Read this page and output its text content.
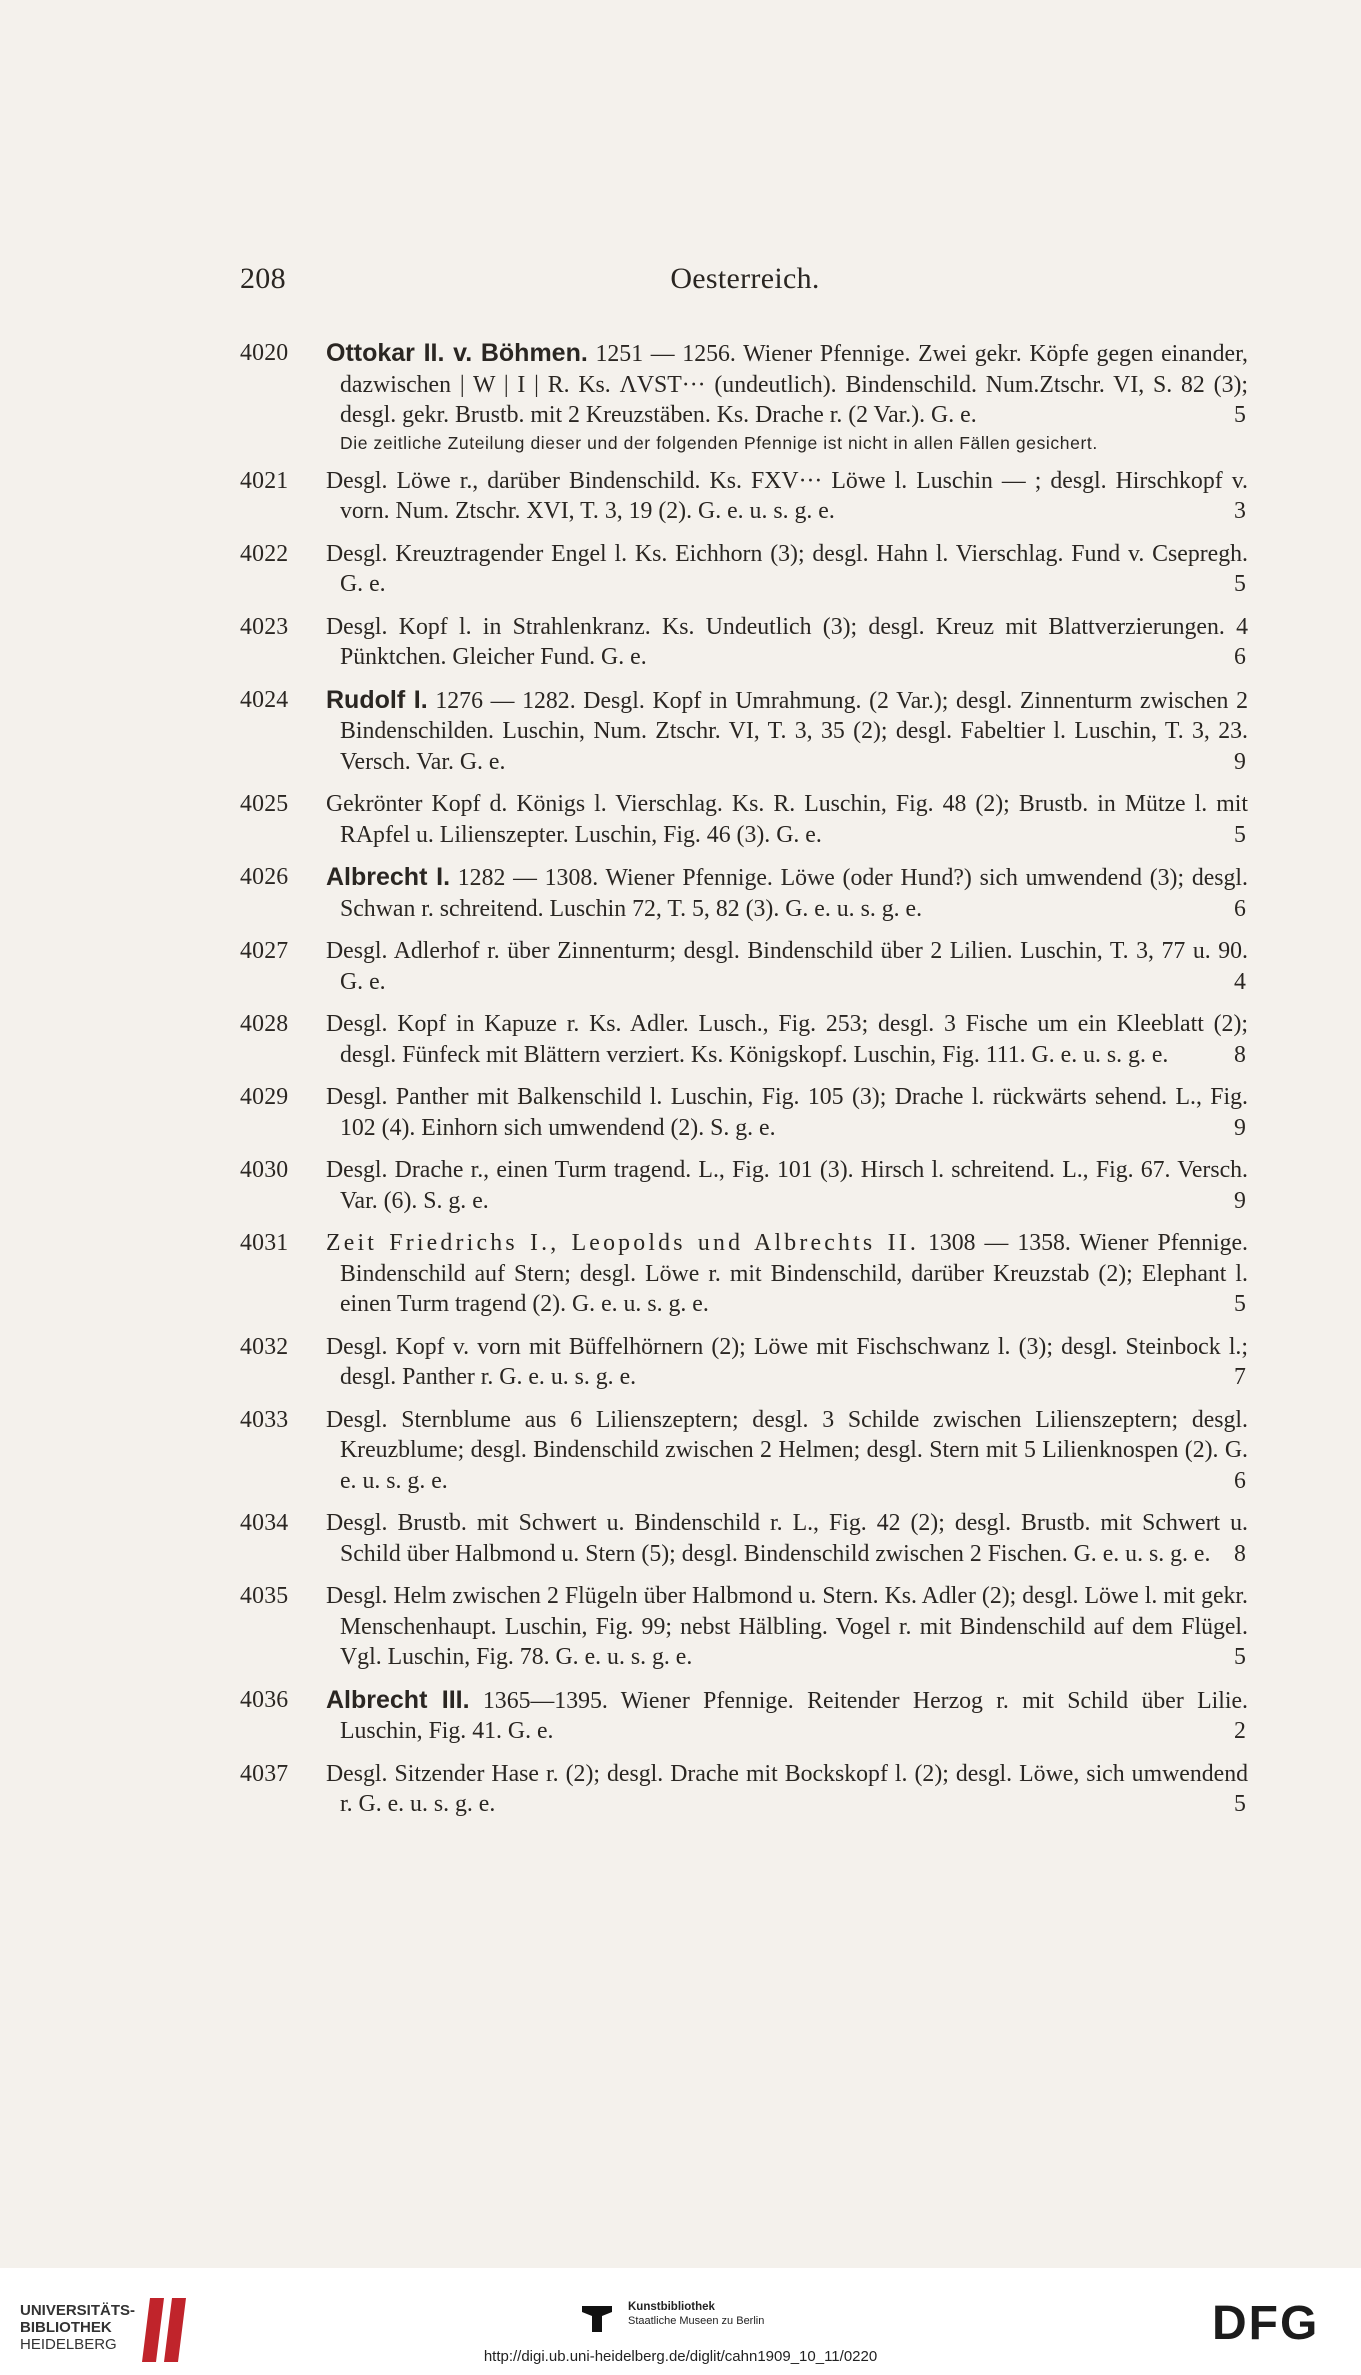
208	Oesterreich.
4020 Ottokar II. v. Böhmen. 1251 — 1256. Wiener Pfennige. Zwei gekr. Köpfe gegen einander, dazwischen | W | I | R. Ks. ΛVST··· (undeutlich). Bindenschild. Num.Ztschr. VI, S. 82 (3); desgl. gekr. Brustb. mit 2 Kreuzstäben. Ks. Drache r. (2 Var.). G. e.	5
Die zeitliche Zuteilung dieser und der folgenden Pfennige ist nicht in allen Fällen gesichert.
4021 Desgl. Löwe r., darüber Bindenschild. Ks. FXV··· Löwe l. Luschin — ; desgl. Hirschkopf v. vorn. Num. Ztschr. XVI, T. 3, 19 (2). G. e. u. s. g. e.	3
4022 Desgl. Kreuztragender Engel l. Ks. Eichhorn (3); desgl. Hahn l. Vierschlag. Fund v. Csepregh. G. e.	5
4023 Desgl. Kopf l. in Strahlenkranz. Ks. Undeutlich (3); desgl. Kreuz mit Blattverzierungen. 4 Pünktchen. Gleicher Fund. G. e.	6
4024 Rudolf I. 1276 — 1282. Desgl. Kopf in Umrahmung. (2 Var.); desgl. Zinnenturm zwischen 2 Bindenschilden. Luschin, Num. Ztschr. VI, T. 3, 35 (2); desgl. Fabeltier l. Luschin, T. 3, 23. Versch. Var. G. e.	9
4025 Gekrönter Kopf d. Königs l. Vierschlag. Ks. R. Luschin, Fig. 48 (2); Brustb. in Mütze l. mit RApfel u. Lilienszepter. Luschin, Fig. 46 (3). G. e.	5
4026 Albrecht I. 1282 — 1308. Wiener Pfennige. Löwe (oder Hund?) sich umwendend (3); desgl. Schwan r. schreitend. Luschin 72, T. 5, 82 (3). G. e. u. s. g. e.	6
4027 Desgl. Adlerhof r. über Zinnenturm; desgl. Bindenschild über 2 Lilien. Luschin, T. 3, 77 u. 90. G. e.	4
4028 Desgl. Kopf in Kapuze r. Ks. Adler. Lusch., Fig. 253; desgl. 3 Fische um ein Kleeblatt (2); desgl. Fünfeck mit Blättern verziert. Ks. Königskopf. Luschin, Fig. 111. G. e. u. s. g. e.	8
4029 Desgl. Panther mit Balkenschild l. Luschin, Fig. 105 (3); Drache l. rückwärts sehend. L., Fig. 102 (4). Einhorn sich umwendend (2). S. g. e.	9
4030 Desgl. Drache r., einen Turm tragend. L., Fig. 101 (3). Hirsch l. schreitend. L., Fig. 67. Versch. Var. (6). S. g. e.	9
4031 Zeit Friedrichs I., Leopolds und Albrechts II. 1308 — 1358. Wiener Pfennige. Bindenschild auf Stern; desgl. Löwe r. mit Bindenschild, darüber Kreuzstab (2); Elephant l. einen Turm tragend (2). G. e. u. s. g. e.	5
4032 Desgl. Kopf v. vorn mit Büffelhörnern (2); Löwe mit Fischschwanz l. (3); desgl. Steinbock l.; desgl. Panther r. G. e. u. s. g. e.	7
4033 Desgl. Sternblume aus 6 Lilienszeptern; desgl. 3 Schilde zwischen Lilienszeptern; desgl. Kreuzblume; desgl. Bindenschild zwischen 2 Helmen; desgl. Stern mit 5 Lilienknospen (2). G. e. u. s. g. e.	6
4034 Desgl. Brustb. mit Schwert u. Bindenschild r. L., Fig. 42 (2); desgl. Brustb. mit Schwert u. Schild über Halbmond u. Stern (5); desgl. Bindenschild zwischen 2 Fischen. G. e. u. s. g. e. 8
4035 Desgl. Helm zwischen 2 Flügeln über Halbmond u. Stern. Ks. Adler (2); desgl. Löwe l. mit gekr. Menschenhaupt. Luschin, Fig. 99; nebst Hälbling. Vogel r. mit Bindenschild auf dem Flügel. Vgl. Luschin, Fig. 78. G. e. u. s. g. e.	5
4036 Albrecht III. 1365—1395. Wiener Pfennige. Reitender Herzog r. mit Schild über Lilie. Luschin, Fig. 41. G. e.	2
4037 Desgl. Sitzender Hase r. (2); desgl. Drache mit Bockskopf l. (2); desgl. Löwe, sich umwendend r. G. e. u. s. g. e.	5
UNIVERSITÄTS-
BIBLIOTHEK
HEIDELBERG
Kunstbibliothek
Staatliche Museen zu Berlin	DFG
http://digi.ub.uni-heidelberg.de/diglit/cahn1909_10_11/0220
